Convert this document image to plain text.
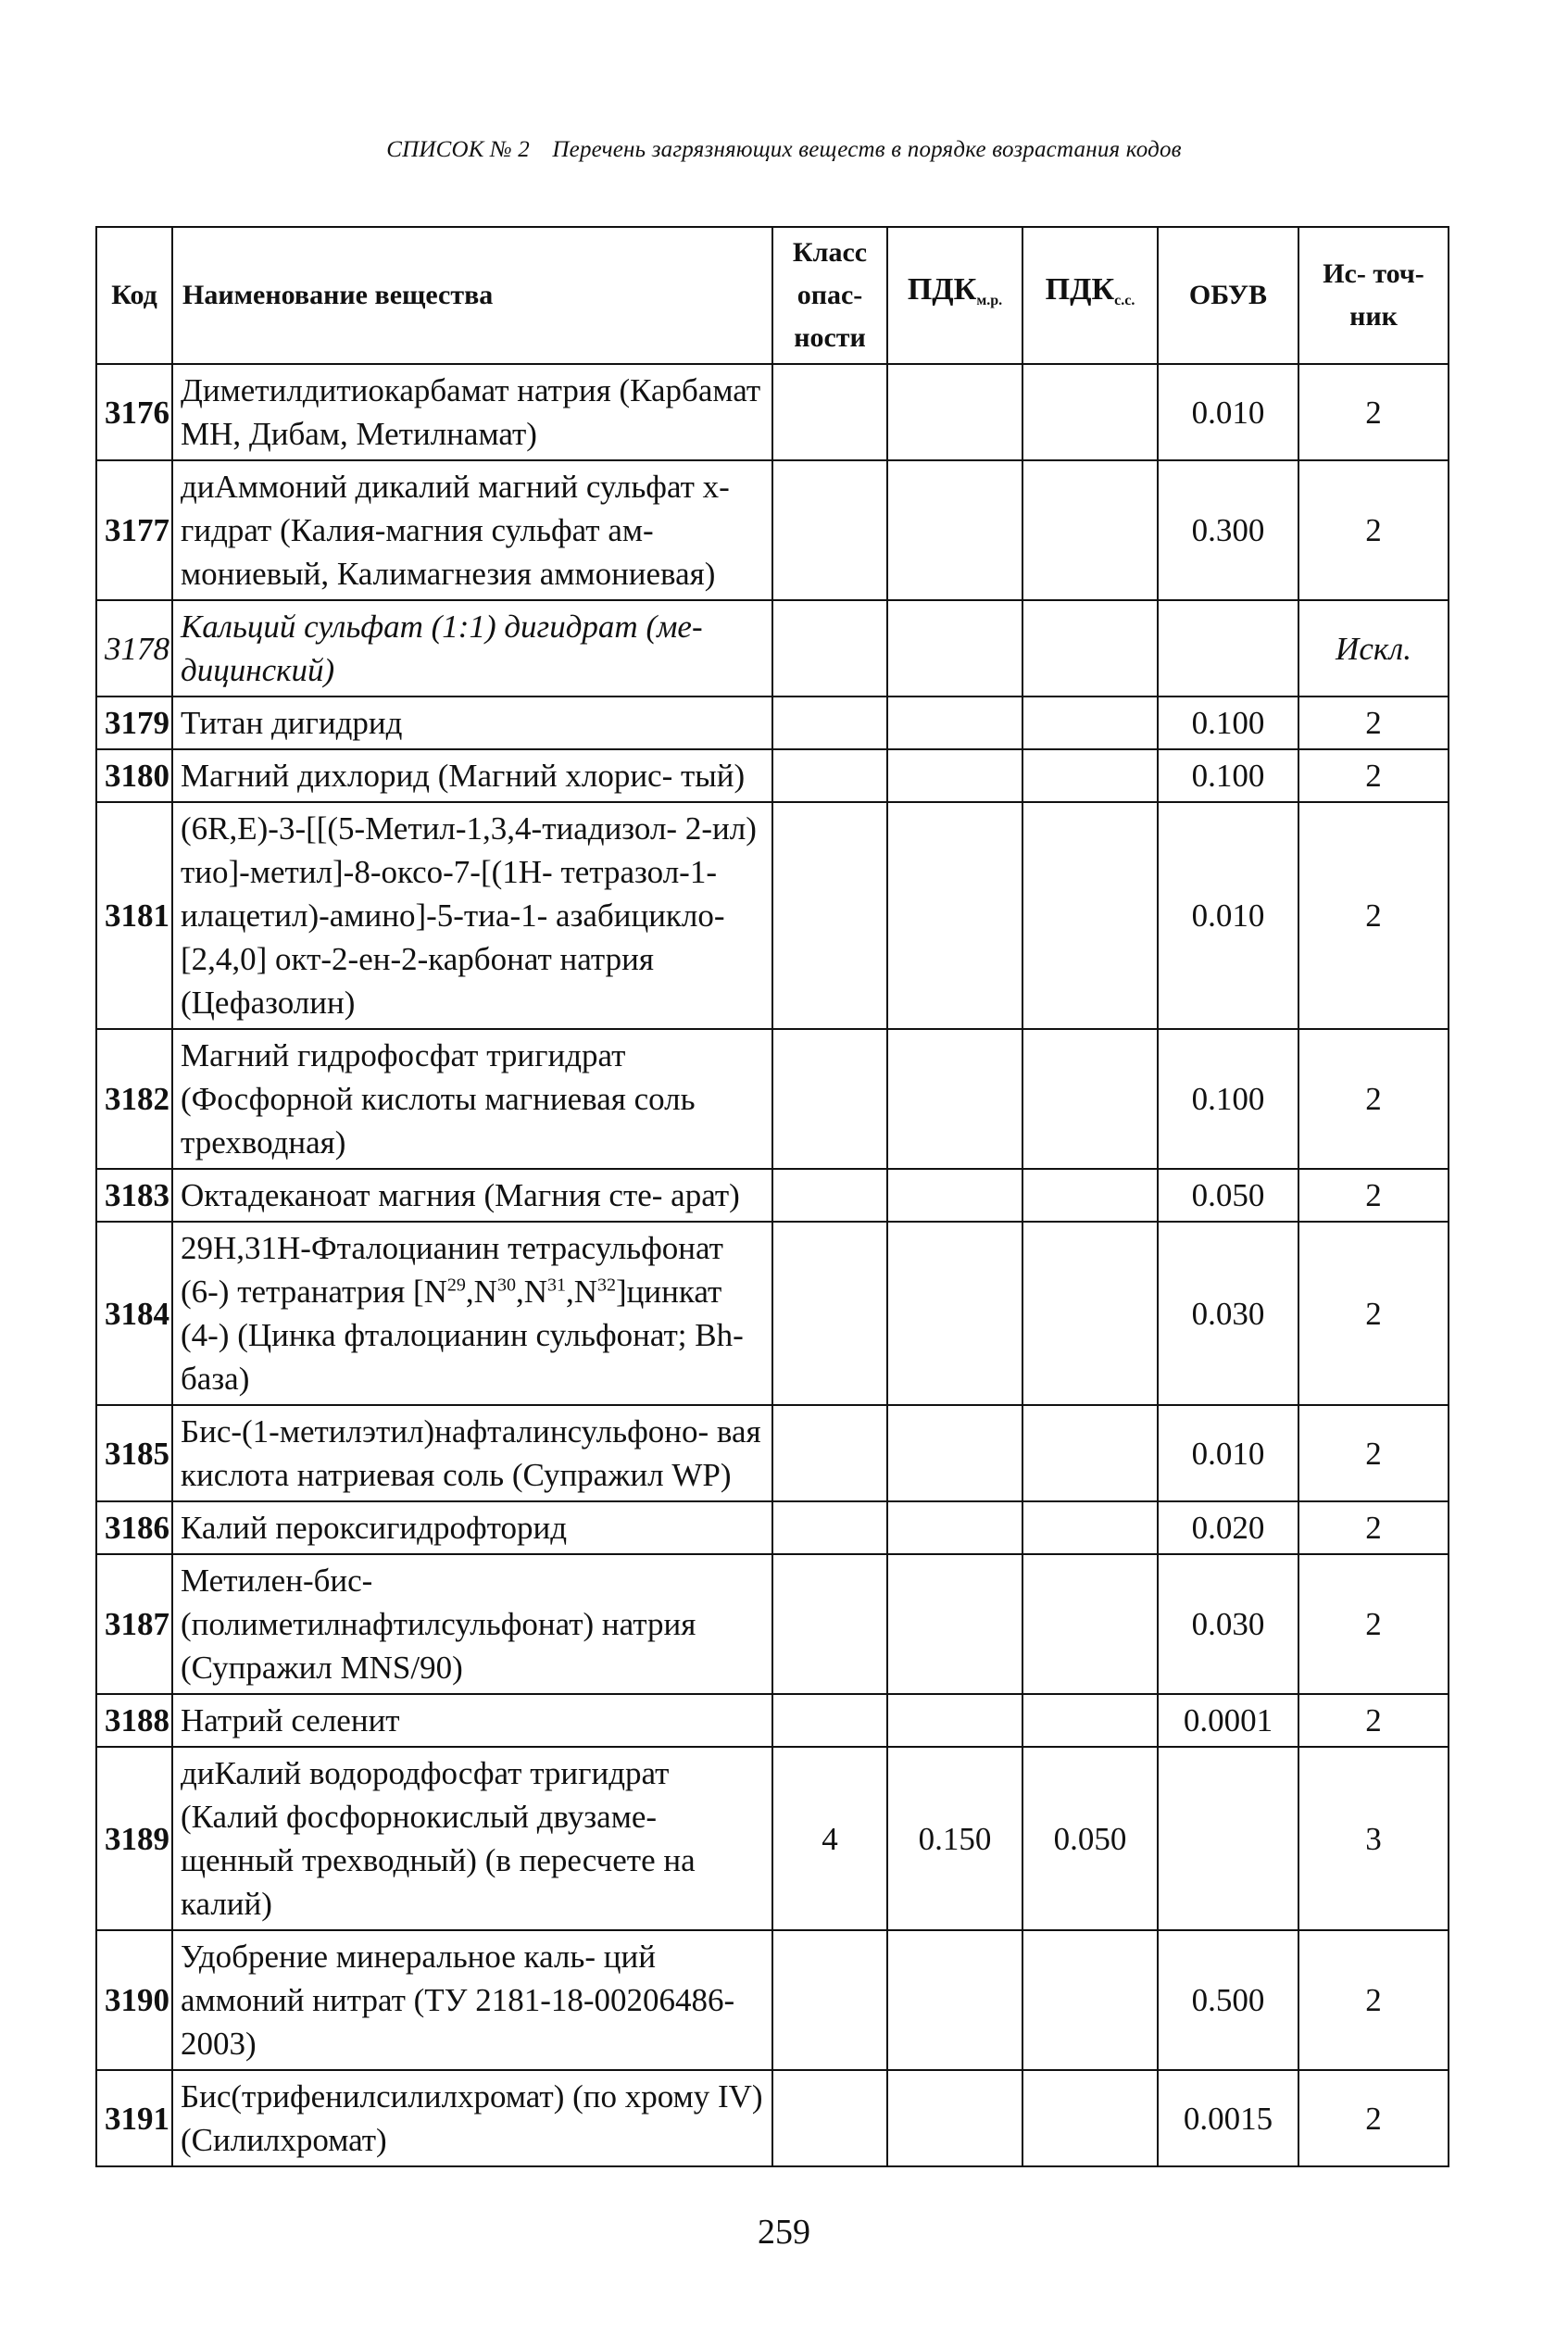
СПИСОК № 2 Перечень загрязняющих веществ в порядке возрастания кодов
Код	Наименование вещества	Класс опас- ности	$ПДК_{м.р.}$	$ПДК_{с.с.}$	ОБУВ	Ис- точ- ник
3176	Диметилдитиокарбамат натрия (Карбамат МН, Дибам, Метилнамат)				0.010	2
3177	диАммоний дикалий магний сульфат х-гидрат (Калия-магния сульфат ам- мониевый, Калимагнезия аммониевая)				0.300	2
3178	Кальций сульфат (1:1) дигидрат (ме- дицинский)					Искл.
3179	Титан дигидрид				0.100	2
3180	Магний дихлорид (Магний хлорис- тый)				0.100	2
3181	(6R,E)-3-[[(5-Метил-1,3,4-тиадизол- 2-ил) тио]-метил]-8-оксо-7-[(1Н- тетразол-1-илацетил)-амино]-5-тиа-1- азабицикло-[2,4,0] окт-2-ен-2-карбонат натрия (Цефазолин)				0.010	2
3182	Магний гидрофосфат тригидрат (Фосфорной кислоты магниевая соль трехводная)				0.100	2
3183	Октадеканоат магния (Магния сте- арат)				0.050	2
3184	29Н,31Н-Фталоцианин тетрасульфонат (6-) тетранатрия $[N^{29},N^{30},N^{31},N^{32}]цинкат$ (4-) (Цинка фталоцианин сульфонат; Bh-база)				0.030	2
3185	Бис-(1-метилэтил)нафталинсульфоно- вая кислота натриевая соль (Супражил WP)				0.010	2
3186	Калий пероксигидрофторид				0.020	2
3187	Метилен-бис- (полиметилнафтилсульфонат) натрия (Супражил MNS/90)				0.030	2
3188	Натрий селенит				0.0001	2
3189	диКалий водородфосфат тригидрат (Калий фосфорнокислый двузаме- щенный трехводный) (в пересчете на калий)	4	0.150	0.050		3
3190	Удобрение минеральное каль- ций аммоний нитрат (ТУ 2181-18-00206486-2003)				0.500	2
3191	Бис(трифенилсилилхромат) (по хрому IV) (Силилхромат)				0.0015	2
259
